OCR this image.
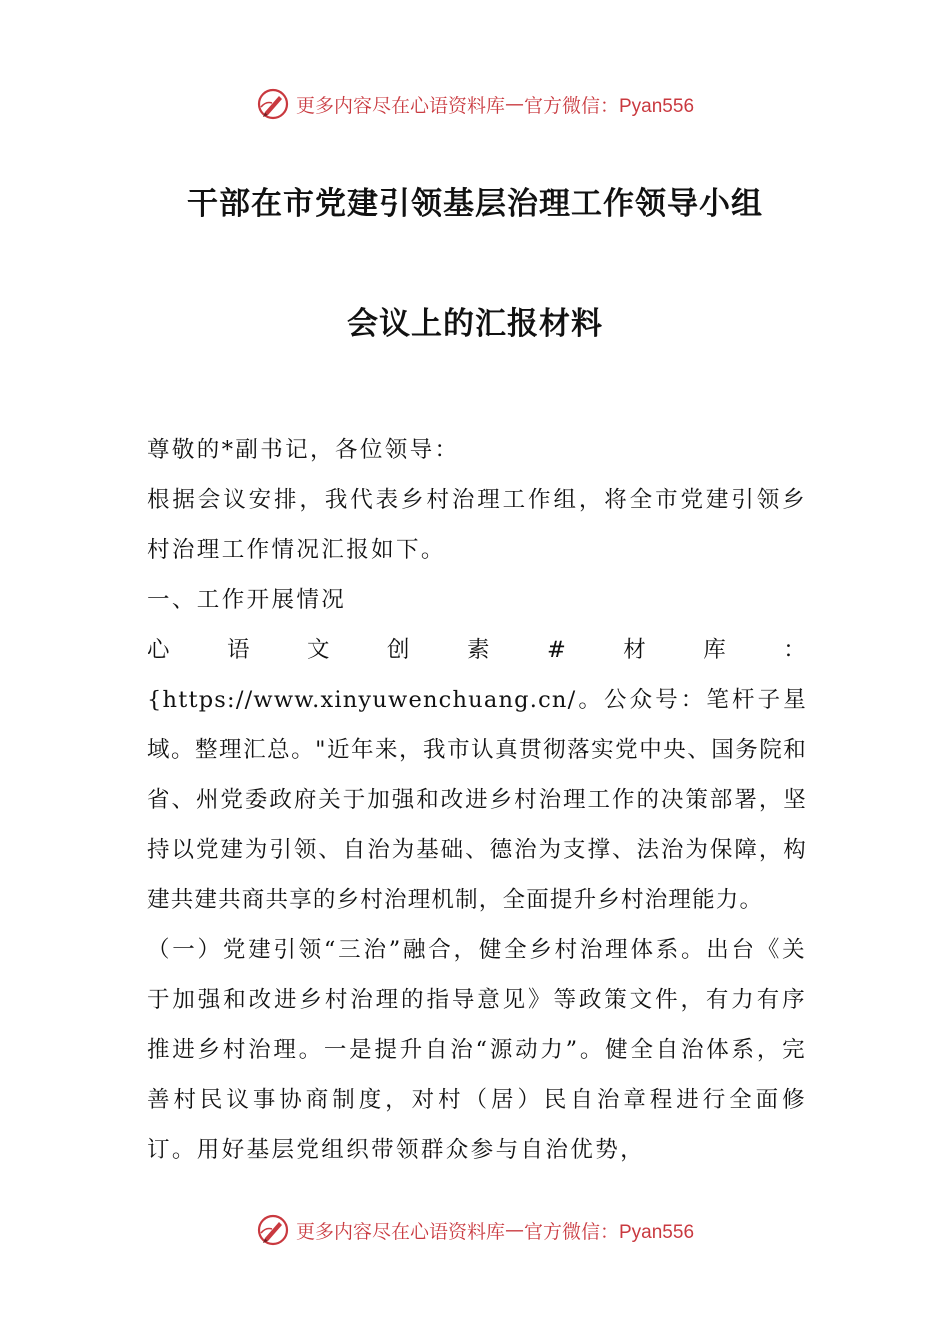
更多内容尽在心语资料库 — 官方微信：Pyan556
干部在市党建引领基层治理工作领导小组
会议上的汇报材料

尊敬的*副书记，各位领导：

根据会议安排，我代表乡村治理工作组，将全市党建引领乡村治理工作情况汇报如下。

一、工作开展情况

心语文创素#材库：{https://www.xinyuwenchuang.cn/。公众号：笔杆子星域。整理汇总。"近年来，我市认真贯彻落实党中央、国务院和省、州党委政府关于加强和改进乡村治理工作的决策部署，坚持以党建为引领、自治为基础、德治为支撑、法治为保障，构建共建共商共享的乡村治理机制，全面提升乡村治理能力。

（一）党建引领“三治”融合，健全乡村治理体系。出台《关于加强和改进乡村治理的指导意见》等政策文件，有力有序推进乡村治理。一是提升自治“源动力”。健全自治体系，完善村民议事协商制度，对村（居）民自治章程进行全面修订。用好基层党组织带领群众参与自治优势，

更多内容尽在心语资料库 — 官方微信：Pyan556
